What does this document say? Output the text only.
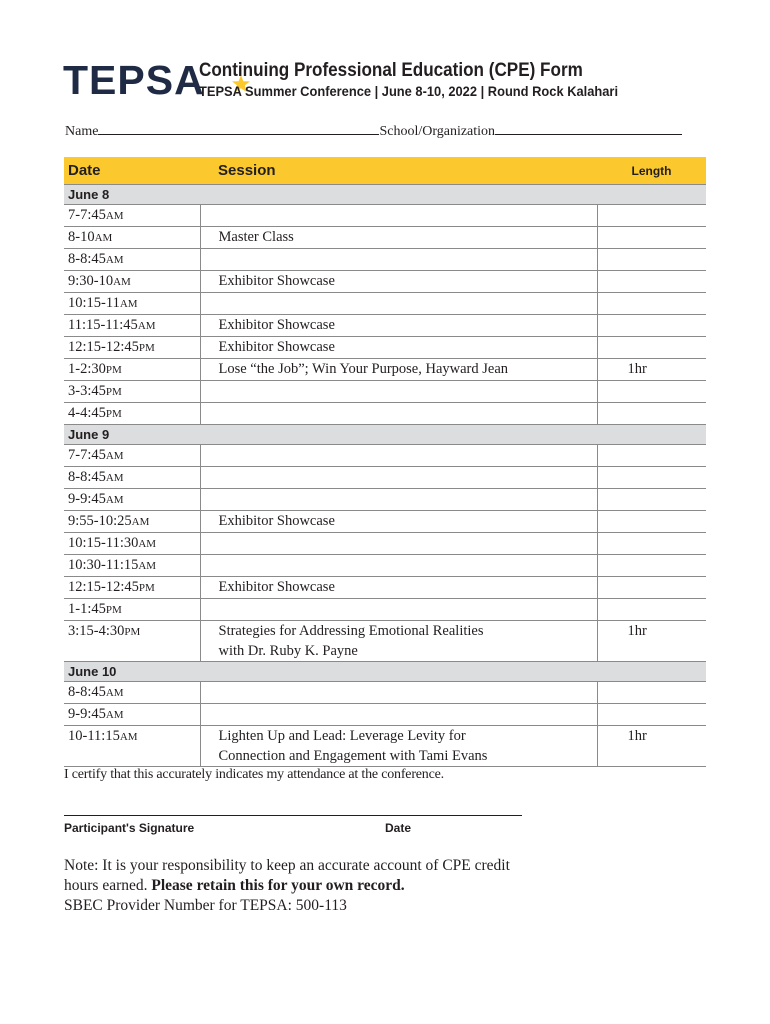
TEPSA
Continuing Professional Education (CPE) Form
TEPSA Summer Conference | June 8-10, 2022 | Round Rock Kalahari
Name	School/Organization
Date	Session	Length
June 8		
7-7:45AM	

8-10AM	Master Class	

8-8:45AM	

9:30-10AM	Exhibitor Showcase	

10:15-11AM	

11:15-11:45AM	Exhibitor Showcase	

12:15-12:45PM	Exhibitor Showcase	

1-2:30PM	Lose “the Job”; Win Your Purpose, Hayward Jean	1hr
3-3:45PM	

4-4:45PM	

June 9		
7-7:45AM	

8-8:45AM	

9-9:45AM	

9:55-10:25AM	Exhibitor Showcase	

10:15-11:30AM	

10:30-11:15AM	

12:15-12:45PM	Exhibitor Showcase	

1-1:45PM	

3:15-4:30PM	Strategies for Addressing Emotional Realities
with Dr. Ruby K. Payne	1hr
June 10		
8-8:45AM	

9-9:45AM	

10-11:15AM	Lighten Up and Lead: Leverage Levity for
Connection and Engagement with Tami Evans	1hr
I certify that this accurately indicates my attendance at the conference.
Participant's Signature	Date
Note: It is your responsibility to keep an accurate account of CPE credit
hours earned. Please retain this for your own record.
SBEC Provider Number for TEPSA: 500-113
